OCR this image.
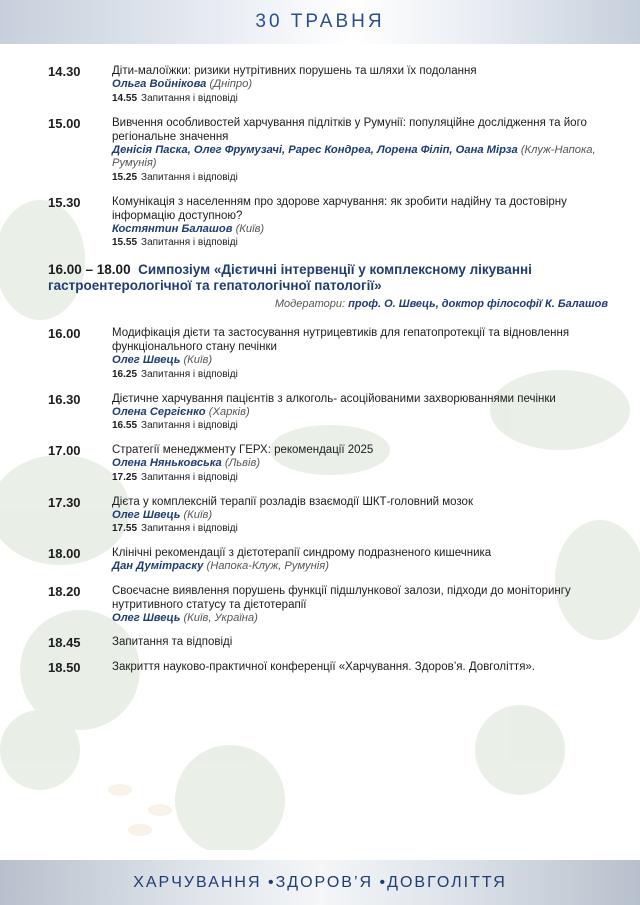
30 ТРАВНЯ
14.30	Діти-малоїжки: ризики нутрітивних порушень та шляхи їх подолання
Ольга Войнікова (Дніпро)
14.55 Запитання і відповіді
15.00	Вивчення особливостей харчування підлітків у Румунії: популяційне дослідження та його регіональне значення
Денісія Паска, Олег Фрумузачі, Рарес Кондреа, Лорена Філіп, Оана Мірза (Клуж-Напока, Румунія)
15.25 Запитання і відповіді
15.30	Комунікація з населенням про здорове харчування: як зробити надійну та достовірну інформацію доступною?
Костянтин Балашов (Київ)
15.55 Запитання і відповіді
16.00 – 18.00 Симпозіум «Дієтичні інтервенції у комплексному лікуванні гастроентерологічної та гепатологічної патології»
Модератори: проф. О. Швець, доктор філософії К. Балашов
16.00	Модифікація дієти та застосування нутрицевтиків для гепатопротекції та відновлення функціонального стану печінки
Олег Швець (Київ)
16.25 Запитання і відповіді
16.30	Дієтичне харчування пацієнтів з алкоголь- асоційованими захворюваннями печінки
Олена Сергієнко (Харків)
16.55 Запитання і відповіді
17.00	Стратегії менеджменту ГЕРХ: рекомендації 2025
Олена Няньковська (Львів)
17.25 Запитання і відповіді
17.30	Дієта у комплексній терапії розладів взаємодії ШКТ-головний мозок
Олег Швець (Київ)
17.55 Запитання і відповіді
18.00	Клінічні рекомендації з дієтотерапії синдрому подразненого кишечника
Дан Думітраску (Напока-Клуж, Румунія)
18.20	Своєчасне виявлення порушень функції підшлункової залози, підходи до моніторингу нутритивного статусу та дієтотерапії
Олег Швець (Київ, Україна)
18.45	Запитання та відповіді
18.50	Закриття науково-практичної конференції «Харчування. Здоров’я. Довголіття».
ХАРЧУВАННЯ •ЗДОРОВ’Я •ДОВГОЛІТТЯ
